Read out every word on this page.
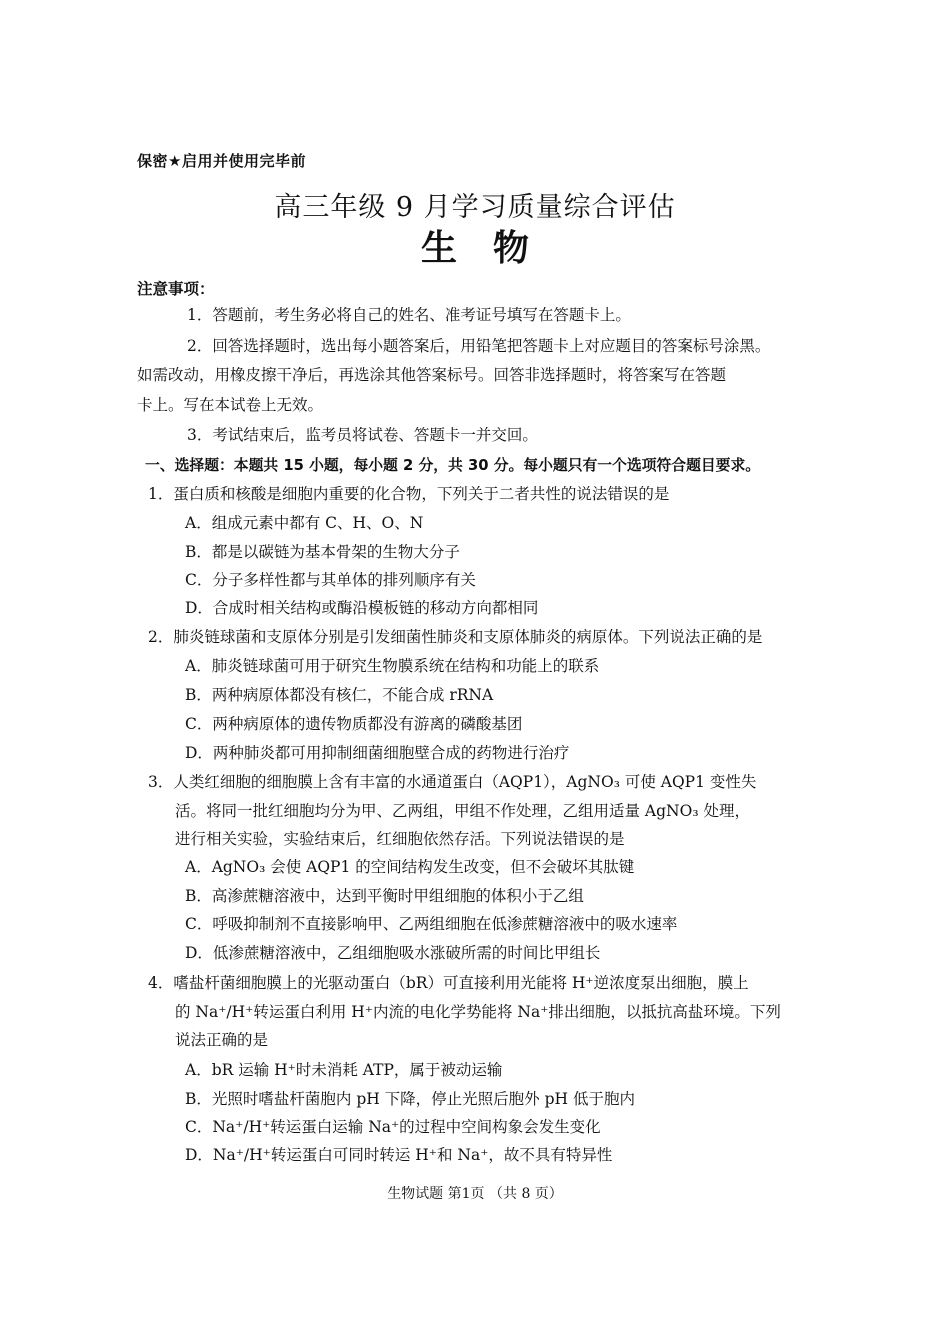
保密★启用并使用完毕前
高三年级 9 月学习质量综合评估
生物
注意事项：
1．答题前，考生务必将自己的姓名、准考证号填写在答题卡上。
2．回答选择题时，选出每小题答案后，用铅笔把答题卡上对应题目的答案标号涂黑。
如需改动，用橡皮擦干净后，再选涂其他答案标号。回答非选择题时，将答案写在答题
卡上。写在本试卷上无效。
3．考试结束后，监考员将试卷、答题卡一并交回。
一、选择题：本题共 15 小题，每小题 2 分，共 30 分。每小题只有一个选项符合题目要求。
1．蛋白质和核酸是细胞内重要的化合物，下列关于二者共性的说法错误的是
A．组成元素中都有 C、H、O、N
B．都是以碳链为基本骨架的生物大分子
C．分子多样性都与其单体的排列顺序有关
D．合成时相关结构或酶沿模板链的移动方向都相同
2．肺炎链球菌和支原体分别是引发细菌性肺炎和支原体肺炎的病原体。下列说法正确的是
A．肺炎链球菌可用于研究生物膜系统在结构和功能上的联系
B．两种病原体都没有核仁，不能合成 rRNA
C．两种病原体的遗传物质都没有游离的磷酸基团
D．两种肺炎都可用抑制细菌细胞壁合成的药物进行治疗
3．人类红细胞的细胞膜上含有丰富的水通道蛋白（AQP1），AgNO₃ 可使 AQP1 变性失
活。将同一批红细胞均分为甲、乙两组，甲组不作处理，乙组用适量 AgNO₃ 处理，
进行相关实验，实验结束后，红细胞依然存活。下列说法错误的是
A．AgNO₃ 会使 AQP1 的空间结构发生改变，但不会破坏其肽键
B．高渗蔗糖溶液中，达到平衡时甲组细胞的体积小于乙组
C．呼吸抑制剂不直接影响甲、乙两组细胞在低渗蔗糖溶液中的吸水速率
D．低渗蔗糖溶液中，乙组细胞吸水涨破所需的时间比甲组长
4．嗜盐杆菌细胞膜上的光驱动蛋白（bR）可直接利用光能将 H⁺逆浓度泵出细胞，膜上
的 Na⁺/H⁺转运蛋白利用 H⁺内流的电化学势能将 Na⁺排出细胞，以抵抗高盐环境。下列
说法正确的是
A．bR 运输 H⁺时未消耗 ATP，属于被动运输
B．光照时嗜盐杆菌胞内 pH 下降，停止光照后胞外 pH 低于胞内
C．Na⁺/H⁺转运蛋白运输 Na⁺的过程中空间构象会发生变化
D．Na⁺/H⁺转运蛋白可同时转运 H⁺和 Na⁺，故不具有特异性
生物试题 第1页 （共 8 页）
